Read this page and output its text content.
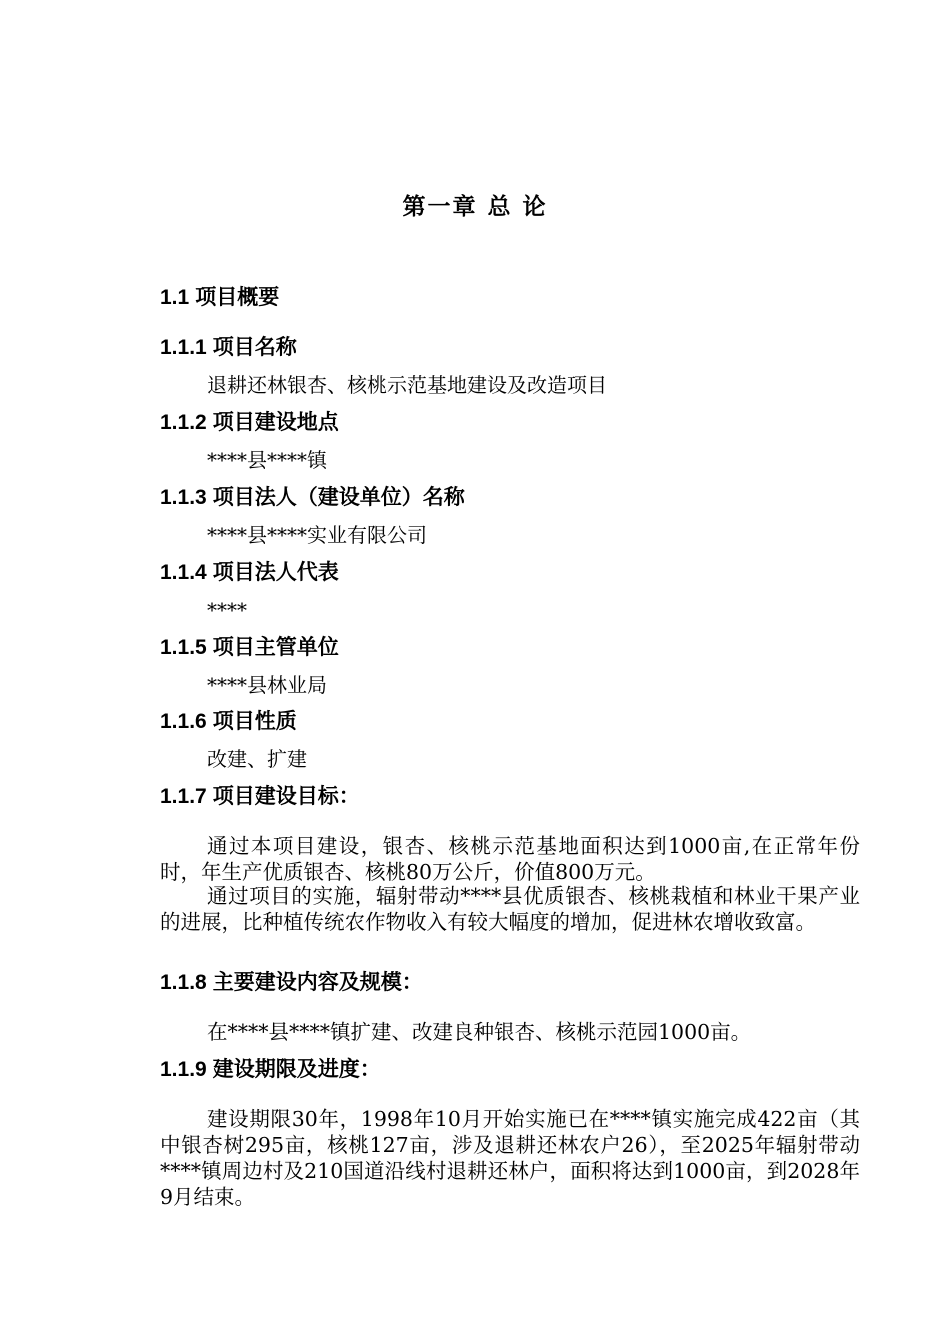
第一章 总 论
1.1 项目概要
1.1.1 项目名称
退耕还林银杏、核桃示范基地建设及改造项目
1.1.2 项目建设地点
****县****镇
1.1.3 项目法人（建设单位）名称
****县****实业有限公司
1.1.4 项目法人代表
****
1.1.5 项目主管单位
****县林业局
1.1.6 项目性质
改建、扩建
1.1.7 项目建设目标：
通过本项目建设，银杏、核桃示范基地面积达到1000亩,在正常年份时，年生产优质银杏、核桃80万公斤，价值800万元。
通过项目的实施，辐射带动****县优质银杏、核桃栽植和林业干果产业的进展，比种植传统农作物收入有较大幅度的增加，促进林农增收致富。
1.1.8 主要建设内容及规模：
在****县****镇扩建、改建良种银杏、核桃示范园1000亩。
1.1.9 建设期限及进度：
建设期限30年，1998年10月开始实施已在****镇实施完成422亩（其中银杏树295亩，核桃127亩，涉及退耕还林农户26），至2025年辐射带动****镇周边村及210国道沿线村退耕还林户，面积将达到1000亩，到2028年9月结束。
